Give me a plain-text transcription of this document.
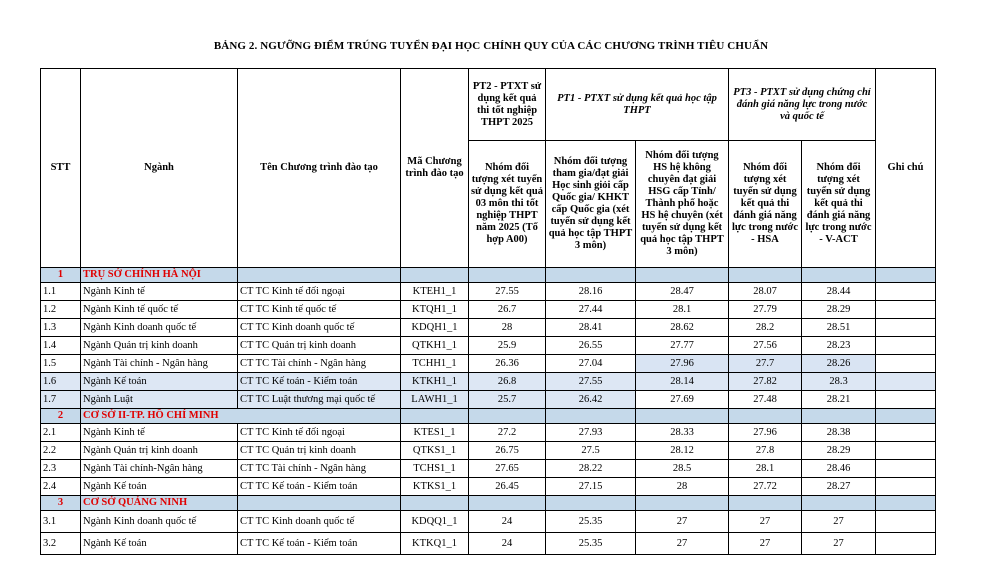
BẢNG 2. NGƯỠNG ĐIỂM TRÚNG TUYỂN ĐẠI HỌC CHÍNH QUY CỦA CÁC CHƯƠNG TRÌNH TIÊU CHUẨN
STT	Ngành	Tên Chương trình đào tạo	Mã Chương trình đào tạo	PT2 - PTXT sử dụng kết quả thi tốt nghiệp THPT 2025	PT1 - PTXT sử dụng kết quả học tập THPT		PT3 - PTXT sử dụng chứng chỉ đánh giá năng lực trong nước và quốc tế		Ghi chú
				Nhóm đối tượng xét tuyển sử dụng kết quả 03 môn thi tốt nghiệp THPT năm 2025 (Tổ hợp A00)	Nhóm đối tượng tham gia/đạt giải Học sinh giỏi cấp Quốc gia/ KHKT cấp Quốc gia (xét tuyển sử dụng kết quả học tập THPT 3 môn)	Nhóm đối tượng HS hệ không chuyên đạt giải HSG cấp Tỉnh/ Thành phố hoặc HS hệ chuyên (xét tuyển sử dụng kết quả học tập THPT 3 môn)	Nhóm đối tượng xét tuyển sử dụng kết quả thi đánh giá năng lực trong nước - HSA	Nhóm đối tượng xét tuyển sử dụng kết quả thi đánh giá năng lực trong nước - V-ACT	
1	TRỤ SỞ CHÍNH HÀ NỘI								
1.1	Ngành Kinh tế	CT TC Kinh tế đối ngoại	KTEH1_1	27.55	28.16	28.47	28.07	28.44	
1.2	Ngành Kinh tế quốc tế	CT TC Kinh tế quốc tế	KTQH1_1	26.7	27.44	28.1	27.79	28.29	
1.3	Ngành Kinh doanh quốc tế	CT TC Kinh doanh quốc tế	KDQH1_1	28	28.41	28.62	28.2	28.51	
1.4	Ngành Quản trị kinh doanh	CT TC Quản trị kinh doanh	QTKH1_1	25.9	26.55	27.77	27.56	28.23	
1.5	Ngành Tài chính - Ngân hàng	CT TC Tài chính - Ngân hàng	TCHH1_1	26.36	27.04	27.96	27.7	28.26	
1.6	Ngành Kế toán	CT TC Kế toán - Kiểm toán	KTKH1_1	26.8	27.55	28.14	27.82	28.3	
1.7	Ngành Luật	CT TC Luật thương mại quốc tế	LAWH1_1	25.7	26.42	27.69	27.48	28.21	
2	CƠ SỞ II-TP. HỒ CHÍ MINH								
2.1	Ngành Kinh tế	CT TC Kinh tế đối ngoại	KTES1_1	27.2	27.93	28.33	27.96	28.38	
2.2	Ngành Quản trị kinh doanh	CT TC Quản trị kinh doanh	QTKS1_1	26.75	27.5	28.12	27.8	28.29	
2.3	Ngành Tài chính-Ngân hàng	CT TC Tài chính - Ngân hàng	TCHS1_1	27.65	28.22	28.5	28.1	28.46	
2.4	Ngành Kế toán	CT TC Kế toán - Kiểm toán	KTKS1_1	26.45	27.15	28	27.72	28.27	
3	CƠ SỞ QUẢNG NINH								
3.1	Ngành Kinh doanh quốc tế	CT TC Kinh doanh quốc tế	KDQQ1_1	24	25.35	27	27	27	
3.2	Ngành Kế toán	CT TC Kế toán - Kiểm toán	KTKQ1_1	24	25.35	27	27	27	
